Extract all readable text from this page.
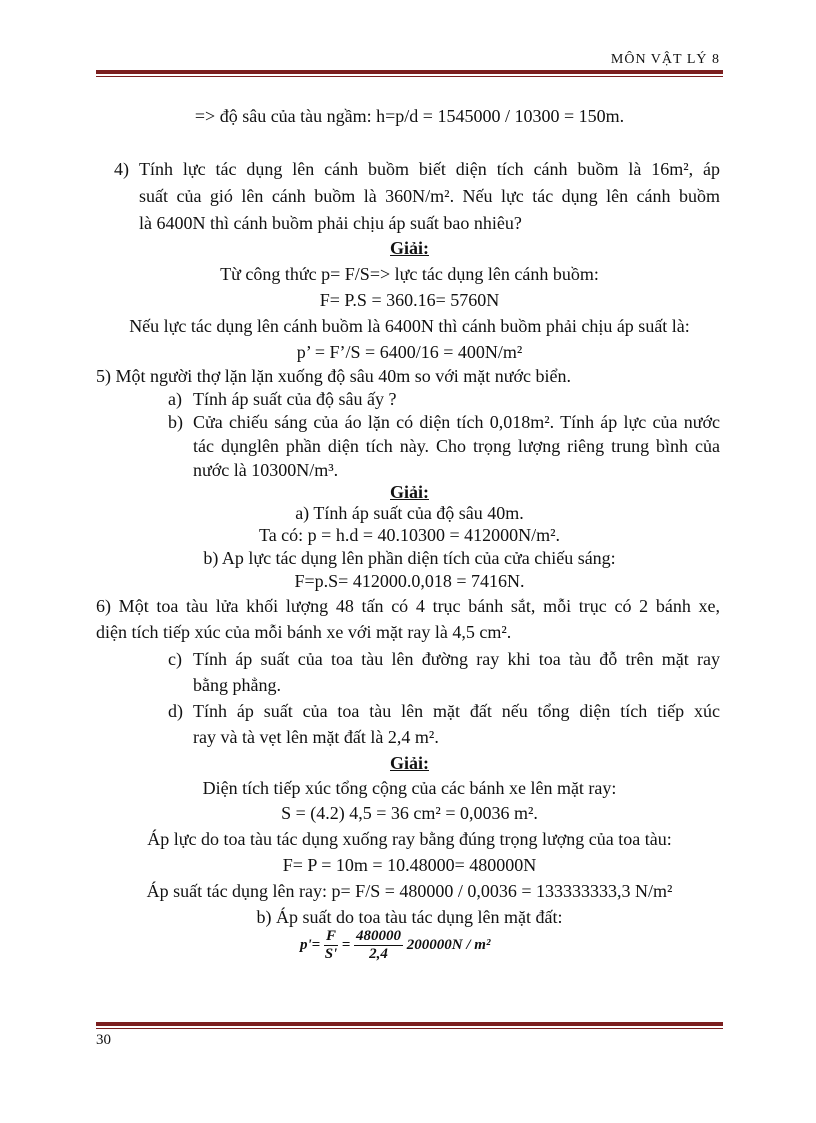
MÔN VẬT LÝ 8
=> độ sâu của tàu ngầm: h=p/d = 1545000 / 10300 = 150m.
4) Tính lực tác dụng lên cánh buồm biết diện tích cánh buồm là 16m², áp
suất của gió lên cánh buồm là 360N/m². Nếu lực tác dụng lên cánh buồm
là 6400N thì cánh buồm phải chịu áp suất bao nhiêu?
Giải:
Từ công thức p= F/S=> lực tác dụng lên cánh buồm:
F= P.S = 360.16= 5760N
Nếu lực tác dụng lên cánh buồm là 6400N thì cánh buồm phải chịu áp suất là:
p’ = F’/S = 6400/16 = 400N/m²
5) Một người thợ lặn lặn xuống độ sâu 40m so với mặt nước biển.
a) Tính áp suất của độ sâu ấy ?
b) Cửa chiếu sáng của áo lặn có diện tích 0,018m². Tính áp lực của nước
tác dụnglên phần diện tích này. Cho trọng lượng riêng trung bình của
nước là 10300N/m³.
Giải:
a) Tính áp suất của độ sâu 40m.
Ta có: p = h.d = 40.10300 = 412000N/m².
b) Ap lực tác dụng lên phần diện tích của cửa chiếu sáng:
F=p.S= 412000.0,018 = 7416N.
6) Một toa tàu lửa khối lượng 48 tấn có 4 trục bánh sắt, mỗi trục có 2 bánh xe,
diện tích tiếp xúc của mỗi bánh xe với mặt ray là 4,5 cm².
c) Tính áp suất của toa tàu lên đường ray khi toa tàu đỗ trên mặt ray
bằng phẳng.
d) Tính áp suất của toa tàu lên mặt đất nếu tổng diện tích tiếp xúc
ray và tà vẹt lên mặt đất là 2,4 m².
Giải:
Diện tích tiếp xúc tổng cộng của các bánh xe lên mặt ray:
S = (4.2) 4,5 = 36 cm² = 0,0036 m².
Áp lực do toa tàu tác dụng xuống ray bằng đúng trọng lượng của toa tàu:
F= P = 10m = 10.48000= 480000N
Áp suất tác dụng lên ray: p= F/S = 480000 / 0,0036 = 133333333,3 N/m²
b) Áp suất do toa tàu tác dụng lên mặt đất:
$p'= \frac{F}{S'} = \frac{480000}{2,4} 200000N / m^2$
30
